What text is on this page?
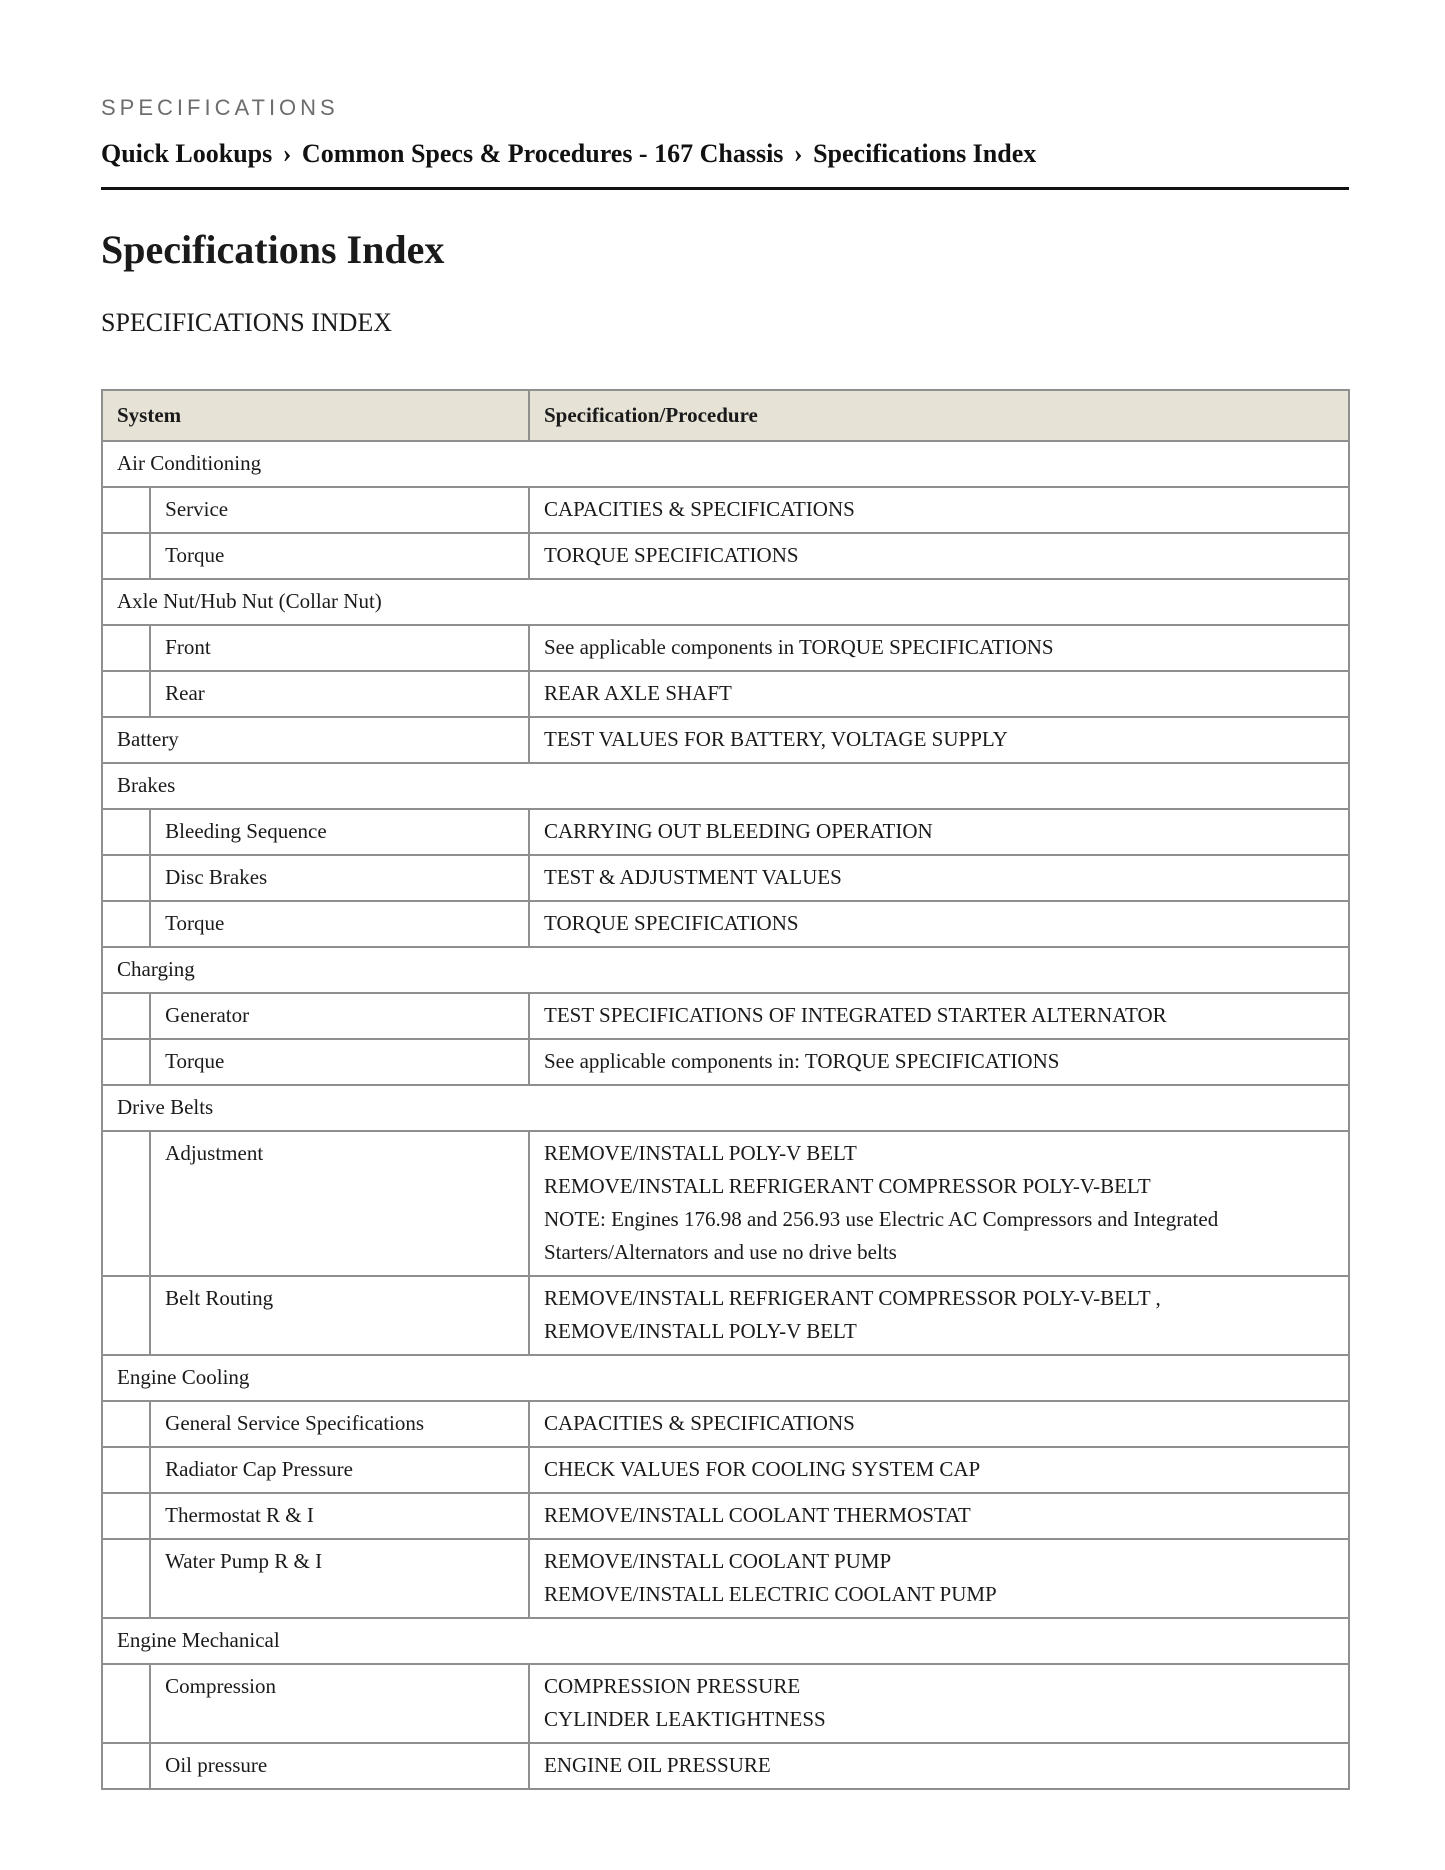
SPECIFICATIONS
Quick Lookups › Common Specs & Procedures - 167 Chassis › Specifications Index
Specifications Index
SPECIFICATIONS INDEX
System		Specification/Procedure
Air Conditioning		
	Service	CAPACITIES & SPECIFICATIONS

	Torque	TORQUE SPECIFICATIONS

Axle Nut/Hub Nut (Collar Nut)		
	Front	See applicable components in TORQUE SPECIFICATIONS

	Rear	REAR AXLE SHAFT

Battery		TEST VALUES FOR BATTERY, VOLTAGE SUPPLY

Brakes		
	Bleeding Sequence	CARRYING OUT BLEEDING OPERATION

	Disc Brakes	TEST & ADJUSTMENT VALUES

	Torque	TORQUE SPECIFICATIONS

Charging		
	Generator	TEST SPECIFICATIONS OF INTEGRATED STARTER ALTERNATOR

	Torque	See applicable components in: TORQUE SPECIFICATIONS

Drive Belts		
	Adjustment	REMOVE/INSTALL POLY-V BELT
REMOVE/INSTALL REFRIGERANT COMPRESSOR POLY-V-BELT
NOTE: Engines 176.98 and 256.93 use Electric AC Compressors and Integrated Starters/Alternators and use no drive belts

	Belt Routing	REMOVE/INSTALL REFRIGERANT COMPRESSOR POLY-V-BELT ,
REMOVE/INSTALL POLY-V BELT

Engine Cooling		
	General Service Specifications	CAPACITIES & SPECIFICATIONS

	Radiator Cap Pressure	CHECK VALUES FOR COOLING SYSTEM CAP

	Thermostat R & I	REMOVE/INSTALL COOLANT THERMOSTAT

	Water Pump R & I	REMOVE/INSTALL COOLANT PUMP
REMOVE/INSTALL ELECTRIC COOLANT PUMP

Engine Mechanical		
	Compression	COMPRESSION PRESSURE
CYLINDER LEAKTIGHTNESS

	Oil pressure	ENGINE OIL PRESSURE
